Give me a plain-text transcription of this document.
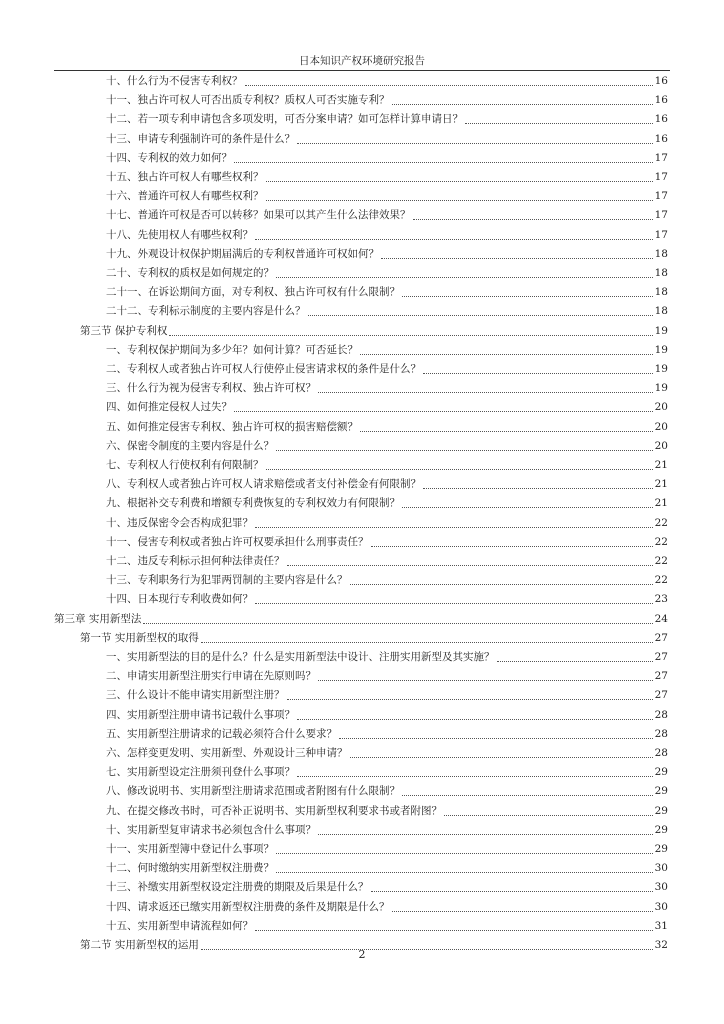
日本知识产权环境研究报告
十、什么行为不侵害专利权？	16
十一、独占许可权人可否出质专利权？质权人可否实施专利？	16
十二、若一项专利申请包含多项发明，可否分案申请？如可怎样计算申请日？	16
十三、申请专利强制许可的条件是什么？	16
十四、专利权的效力如何？	17
十五、独占许可权人有哪些权利？	17
十六、普通许可权人有哪些权利？	17
十七、普通许可权是否可以转移？如果可以其产生什么法律效果？	17
十八、先使用权人有哪些权利？	17
十九、外观设计权保护期届满后的专利权普通许可权如何？	18
二十、专利权的质权是如何规定的？	18
二十一、在诉讼期间方面，对专利权、独占许可权有什么限制？	18
二十二、专利标示制度的主要内容是什么？	18
第三节 保护专利权	19
一、专利权保护期间为多少年？如何计算？可否延长？	19
二、专利权人或者独占许可权人行使停止侵害请求权的条件是什么？	19
三、什么行为视为侵害专利权、独占许可权？	19
四、如何推定侵权人过失？	20
五、如何推定侵害专利权、独占许可权的损害赔偿额？	20
六、保密令制度的主要内容是什么？	20
七、专利权人行使权利有何限制？	21
八、专利权人或者独占许可权人请求赔偿或者支付补偿金有何限制？	21
九、根据补交专利费和增额专利费恢复的专利权效力有何限制？	21
十、违反保密令会否构成犯罪？	22
十一、侵害专利权或者独占许可权要承担什么刑事责任？	22
十二、违反专利标示担何种法律责任？	22
十三、专利职务行为犯罪两罚制的主要内容是什么？	22
十四、日本现行专利收费如何？	23
第三章 实用新型法	24
第一节 实用新型权的取得	27
一、实用新型法的目的是什么？什么是实用新型法中设计、注册实用新型及其实施？	27
二、申请实用新型注册实行申请在先原则吗？	27
三、什么设计不能申请实用新型注册？	27
四、实用新型注册申请书记载什么事项？	28
五、实用新型注册请求的记载必须符合什么要求？	28
六、怎样变更发明、实用新型、外观设计三种申请？	28
七、实用新型设定注册须刊登什么事项？	29
八、修改说明书、实用新型注册请求范围或者附图有什么限制？	29
九、在提交修改书时，可否补正说明书、实用新型权利要求书或者附图？	29
十、实用新型复审请求书必须包含什么事项？	29
十一、实用新型簿中登记什么事项？	29
十二、何时缴纳实用新型权注册费？	30
十三、补缴实用新型权设定注册费的期限及后果是什么？	30
十四、请求返还已缴实用新型权注册费的条件及期限是什么？	30
十五、实用新型申请流程如何？	31
第二节 实用新型权的运用	32
2
